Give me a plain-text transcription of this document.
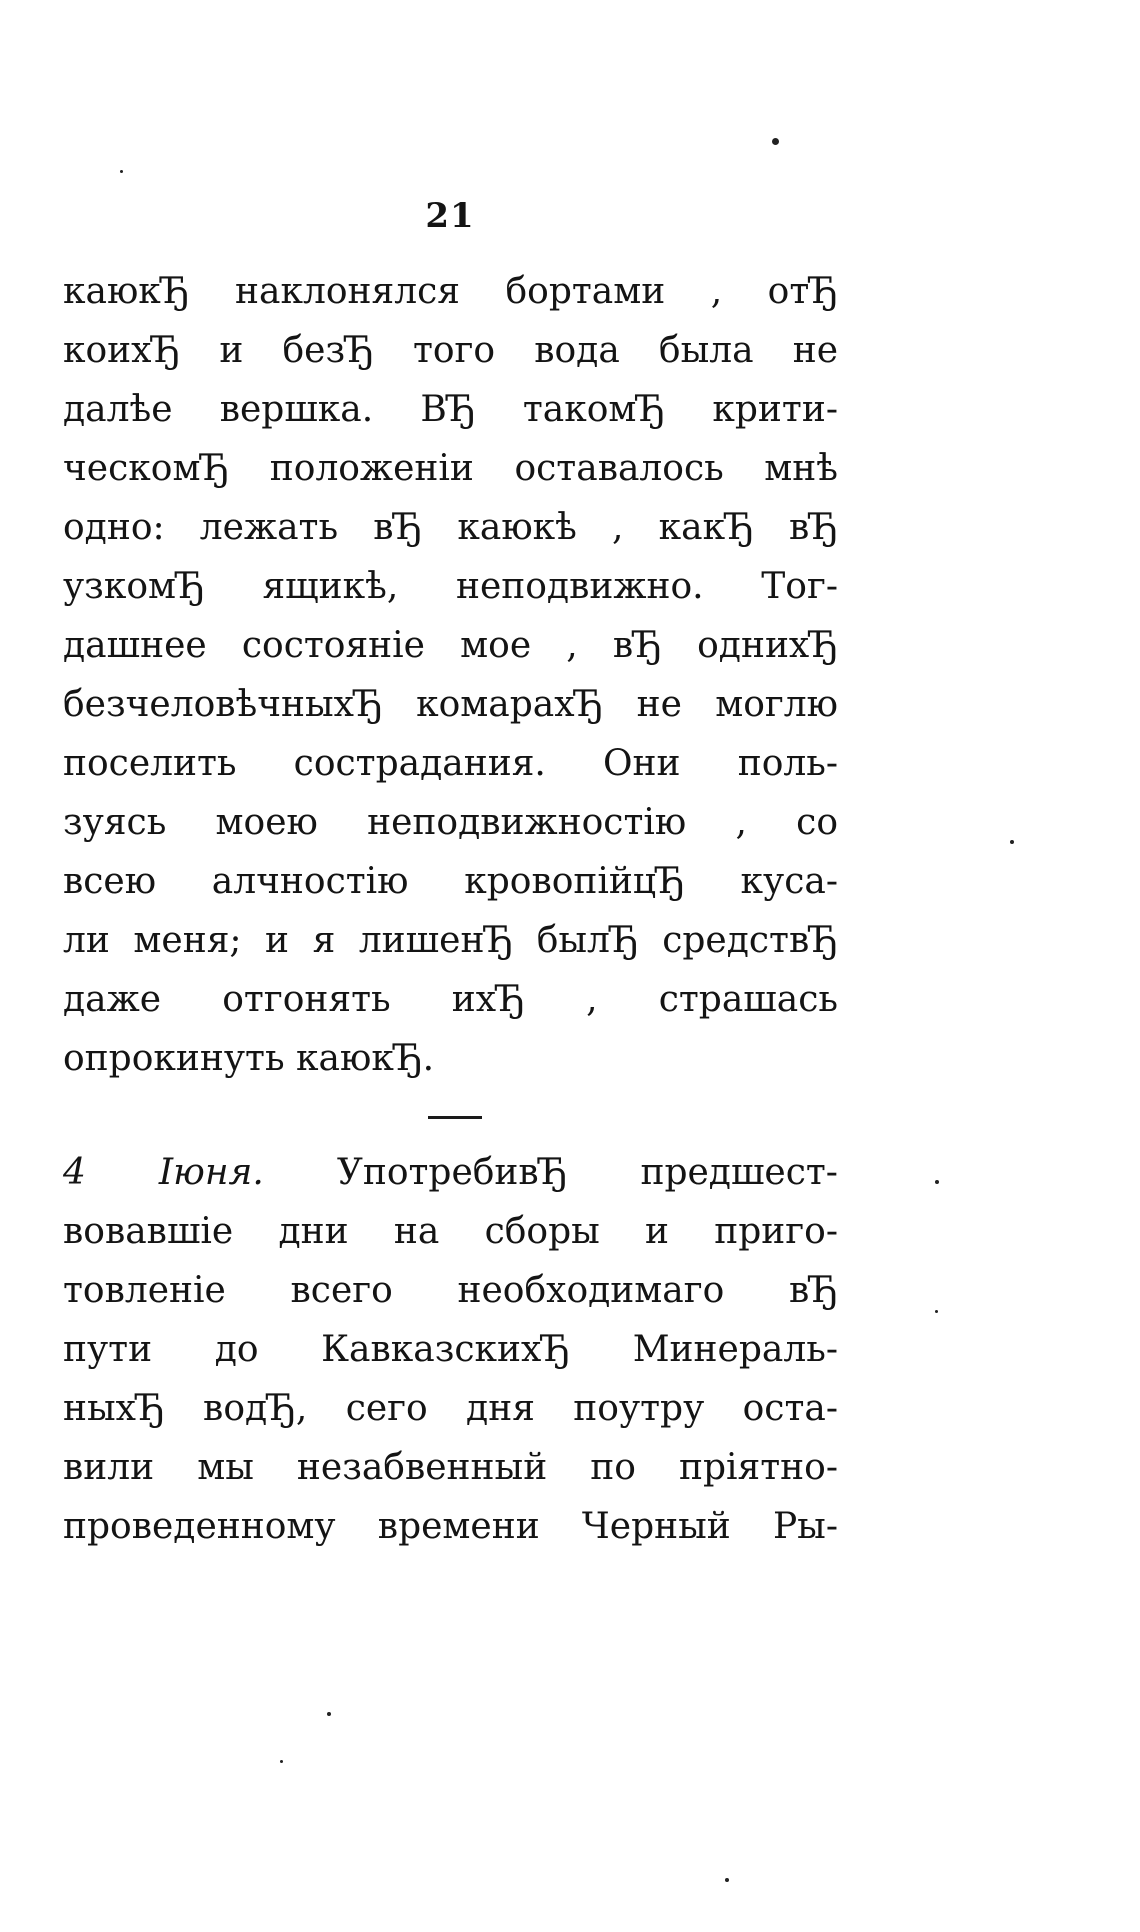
21
каюкЂ наклонялся бортами , отЂ
коихЂ и безЂ того вода была не
далѣе вершка. ВЂ такомЂ крити-
ческомЂ положенiи оставалось мнѣ
одно: лежать вЂ каюкѣ , какЂ вЂ
узкомЂ ящикѣ, неподвижно. Тог-
дашнее состоянiе мое , вЂ однихЂ
безчеловѣчныхЂ комарахЂ не моглю
поселить сострадания. Они поль-
зуясь моею неподвижностiю , со
всею алчностiю кровопiйцЂ куса-
ли меня; и я лишенЂ былЂ средствЂ
даже отгонять ихЂ , страшась
опрокинуть каюкЂ.
4 Iюня. УпотребивЂ предшест-
вовавшiе дни на сборы и приго-
товленiе всего необходимаго вЂ
пути до КавказскихЂ Минераль-
ныхЂ водЂ, сего дня поутру оста-
вили мы незабвенный по прiятно-
проведенному времени Черный Ры-
